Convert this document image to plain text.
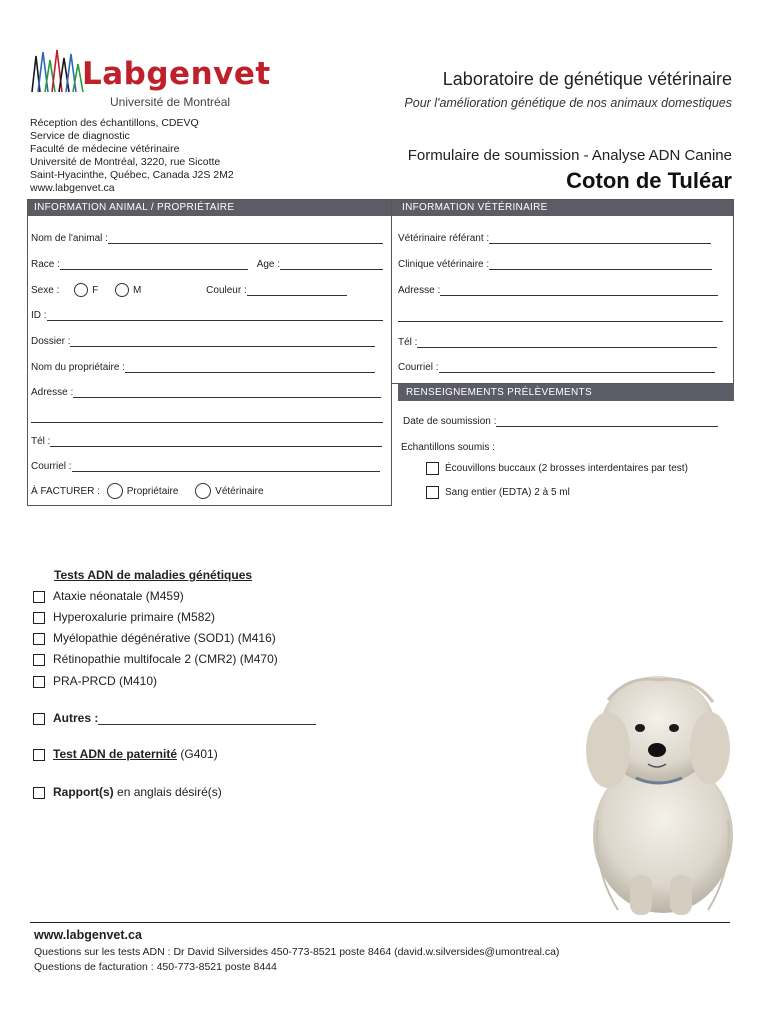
Labgenvet
Université de Montréal
Réception des échantillons, CDEVQ
Service de diagnostic
Faculté de médecine vétérinaire
Université de Montréal, 3220, rue Sicotte
Saint-Hyacinthe, Québec, Canada J2S 2M2
www.labgenvet.ca
Laboratoire de génétique vétérinaire
Pour l'amélioration génétique de nos animaux domestiques
Formulaire de soumission - Analyse ADN Canine
Coton de Tuléar
INFORMATION ANIMAL / PROPRIÉTAIRE
Nom de l'animal :
Race :	Âge :
Sexe :	F	M	Couleur :
ID :
Dossier :
Nom du propriétaire :
Adresse :
Tél :
Courriel :
À FACTURER :	Propriétaire	Vétérinaire
INFORMATION VÉTÉRINAIRE
Vétérinaire référant :
Clinique vétérinaire :
Adresse :
Tél :
Courriel :
RENSEIGNEMENTS PRÉLÈVEMENTS
Date de soumission :
Échantillons soumis :
Écouvillons buccaux (2 brosses interdentaires par test)
Sang entier (EDTA) 2 à 5 ml
Tests ADN de maladies génétiques
Ataxie néonatale (M459)
Hyperoxalurie primaire (M582)
Myélopathie dégénérative (SOD1) (M416)
Rétinopathie multifocale 2 (CMR2) (M470)
PRA-PRCD (M410)
Autres :
Test ADN de paternité (G401)
Rapport(s) en anglais désiré(s)
www.labgenvet.ca
Questions sur les tests ADN : Dr David Silversides 450-773-8521 poste 8464 (david.w.silversides@umontreal.ca)
Questions de facturation : 450-773-8521 poste 8444
